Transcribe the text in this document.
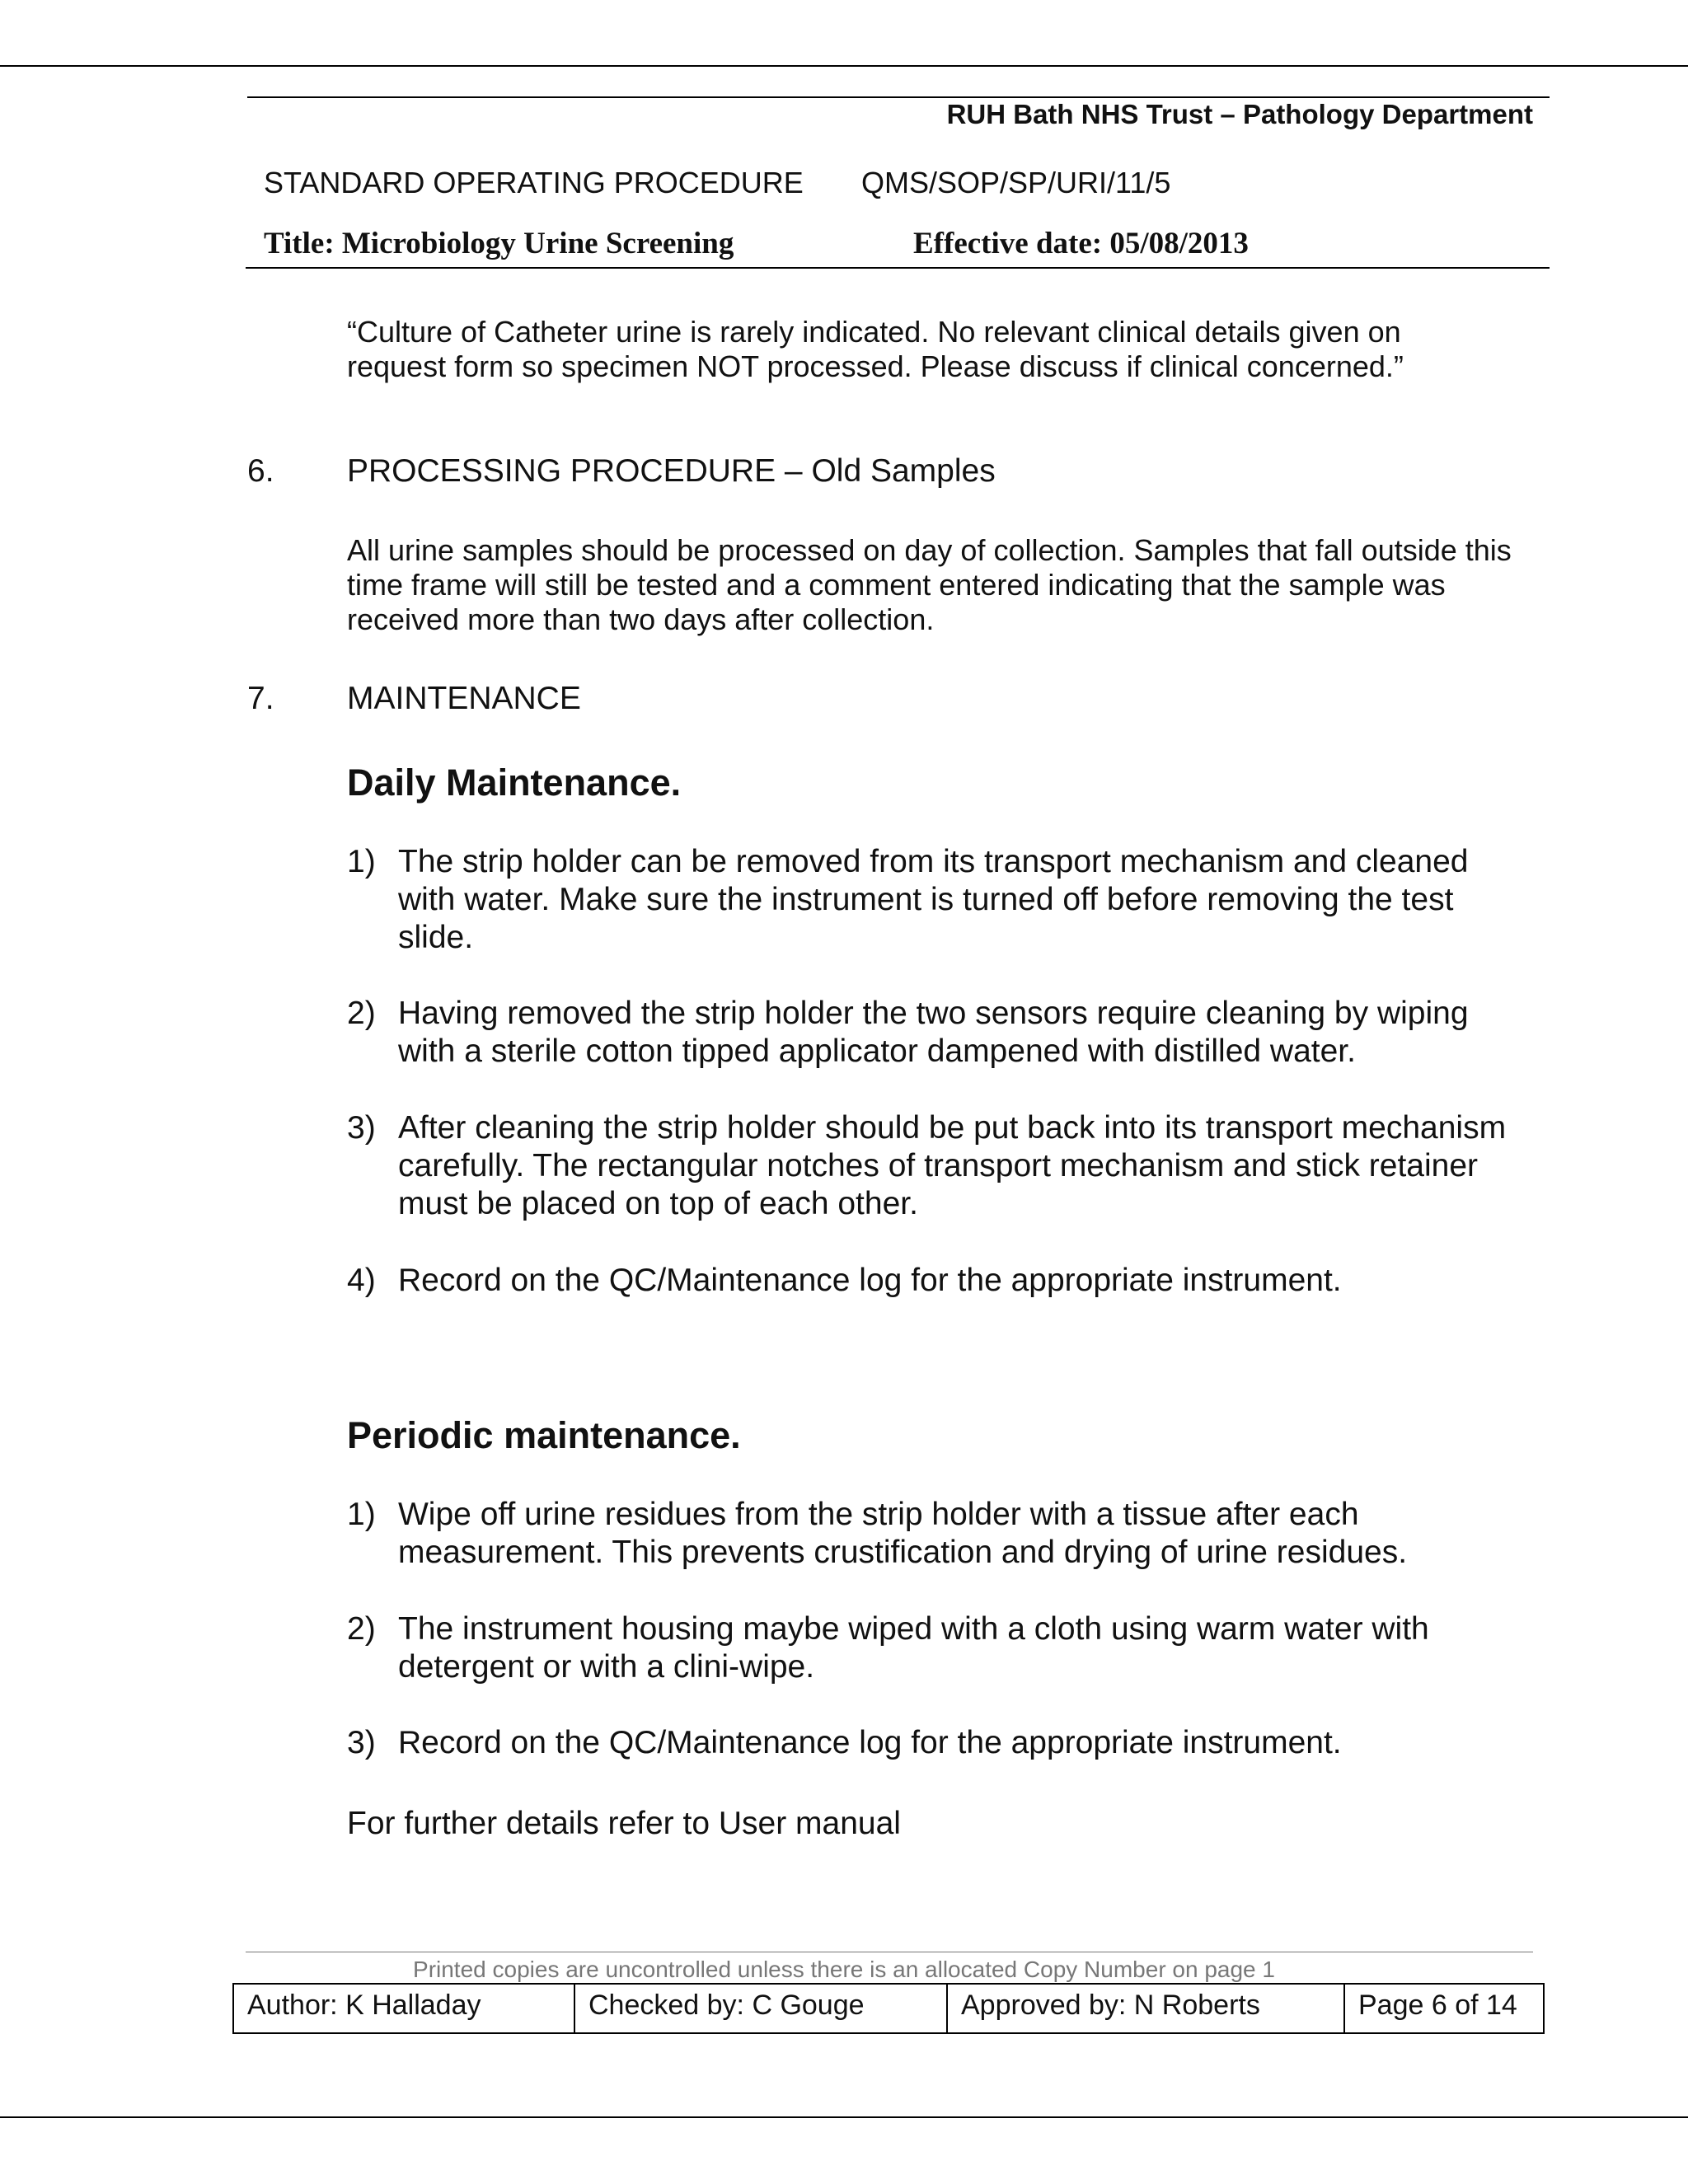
RUH Bath NHS Trust – Pathology Department
STANDARD OPERATING PROCEDURE QMS/SOP/SP/URI/11/5
Title: Microbiology Urine Screening	Effective date: 05/08/2013
“Culture of Catheter urine is rarely indicated. No relevant clinical details given on request form so specimen NOT processed. Please discuss if clinical concerned.”
6. PROCESSING PROCEDURE – Old Samples
All urine samples should be processed on day of collection. Samples that fall outside this time frame will still be tested and a comment entered indicating that the sample was received more than two days after collection.
7. MAINTENANCE
Daily Maintenance.
1) The strip holder can be removed from its transport mechanism and cleaned with water. Make sure the instrument is turned off before removing the test slide.
2) Having removed the strip holder the two sensors require cleaning by wiping with a sterile cotton tipped applicator dampened with distilled water.
3) After cleaning the strip holder should be put back into its transport mechanism carefully. The rectangular notches of transport mechanism and stick retainer must be placed on top of each other.
4) Record on the QC/Maintenance log for the appropriate instrument.
Periodic maintenance.
1) Wipe off urine residues from the strip holder with a tissue after each measurement. This prevents crustification and drying of urine residues.
2) The instrument housing maybe wiped with a cloth using warm water with detergent or with a clini-wipe.
3) Record on the QC/Maintenance log for the appropriate instrument.
For further details refer to User manual
Printed copies are uncontrolled unless there is an allocated Copy Number on page 1
Author: K Halladay	Checked by: C Gouge	Approved by: N Roberts	Page 6 of 14
